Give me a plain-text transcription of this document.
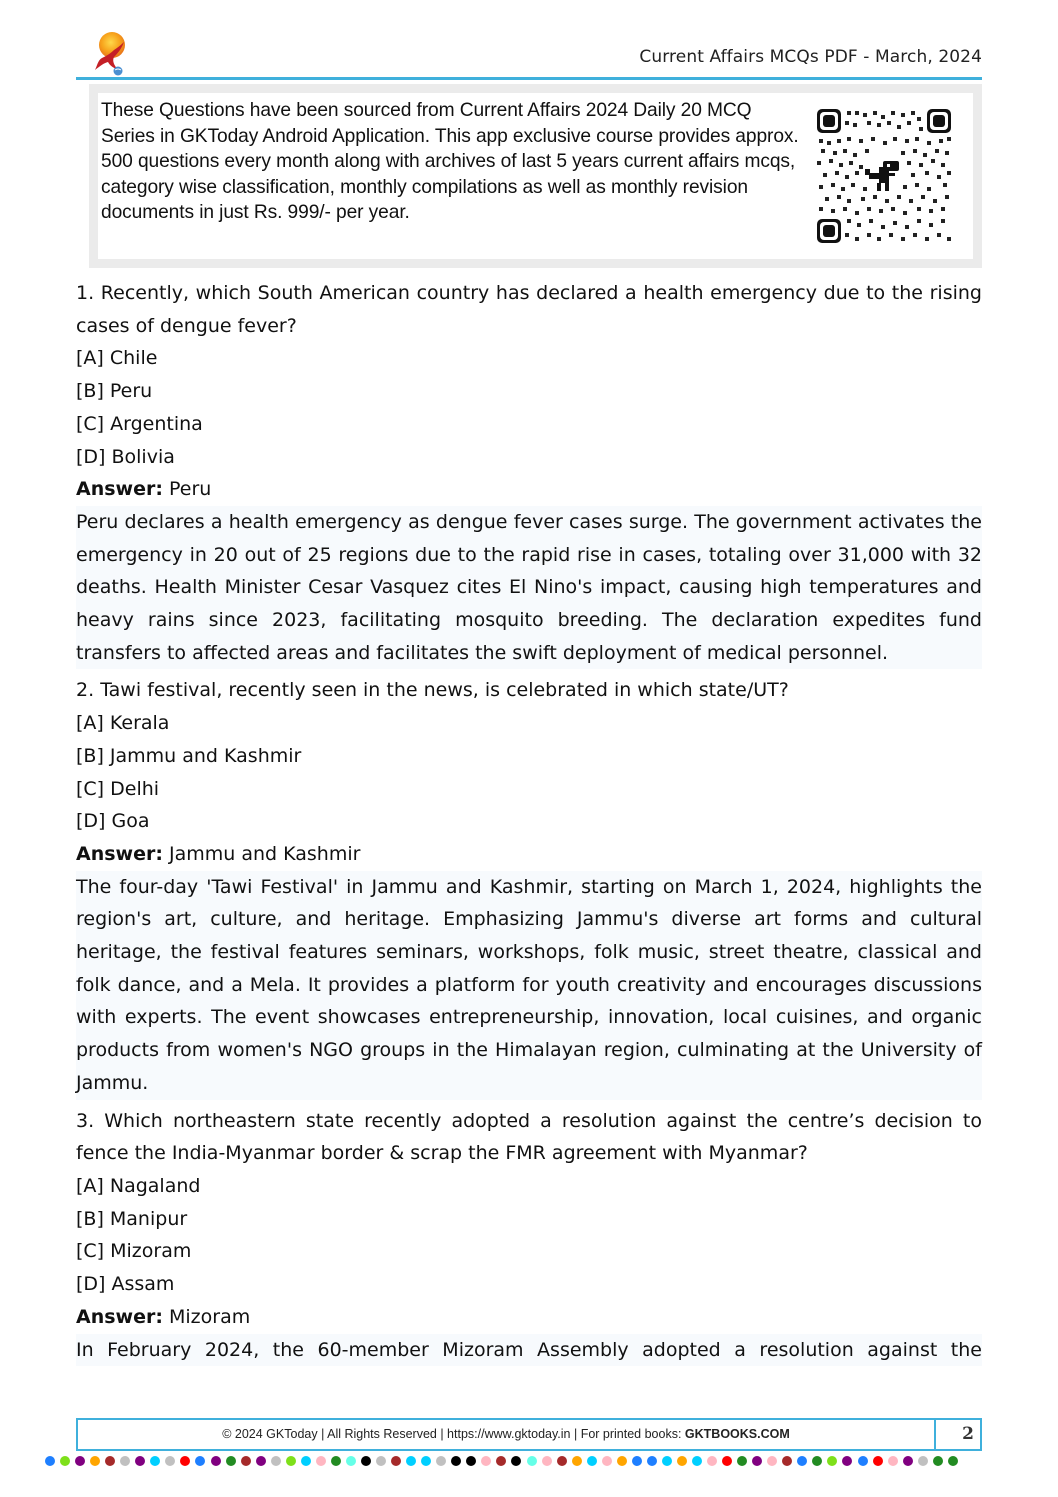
Current Affairs MCQs PDF - March, 2024
These Questions have been sourced from Current Affairs 2024 Daily 20 MCQ Series in GKToday Android Application. This app exclusive course provides approx. 500 questions every month along with archives of last 5 years current affairs mcqs, category wise classification, monthly compilations as well as monthly revision documents in just Rs. 999/- per year.
1. Recently, which South American country has declared a health emergency due to the rising cases of dengue fever?
[A] Chile
[B] Peru
[C] Argentina
[D] Bolivia
Answer: Peru
Peru declares a health emergency as dengue fever cases surge. The government activates the emergency in 20 out of 25 regions due to the rapid rise in cases, totaling over 31,000 with 32 deaths. Health Minister Cesar Vasquez cites El Nino's impact, causing high temperatures and heavy rains since 2023, facilitating mosquito breeding. The declaration expedites fund transfers to affected areas and facilitates the swift deployment of medical personnel.
2. Tawi festival, recently seen in the news, is celebrated in which state/UT?
[A] Kerala
[B] Jammu and Kashmir
[C] Delhi
[D] Goa
Answer: Jammu and Kashmir
The four-day 'Tawi Festival' in Jammu and Kashmir, starting on March 1, 2024, highlights the region's art, culture, and heritage. Emphasizing Jammu's diverse art forms and cultural heritage, the festival features seminars, workshops, folk music, street theatre, classical and folk dance, and a Mela. It provides a platform for youth creativity and encourages discussions with experts. The event showcases entrepreneurship, innovation, local cuisines, and organic products from women's NGO groups in the Himalayan region, culminating at the University of Jammu.
3. Which northeastern state recently adopted a resolution against the centre’s decision to fence the India-Myanmar border & scrap the FMR agreement with Myanmar?
[A] Nagaland
[B] Manipur
[C] Mizoram
[D] Assam
Answer: Mizoram
In February 2024, the 60-member Mizoram Assembly adopted a resolution against the
© 2024 GKToday | All Rights Reserved | https://www.gktoday.in | For printed books: GKTBOOKS.COM	2
